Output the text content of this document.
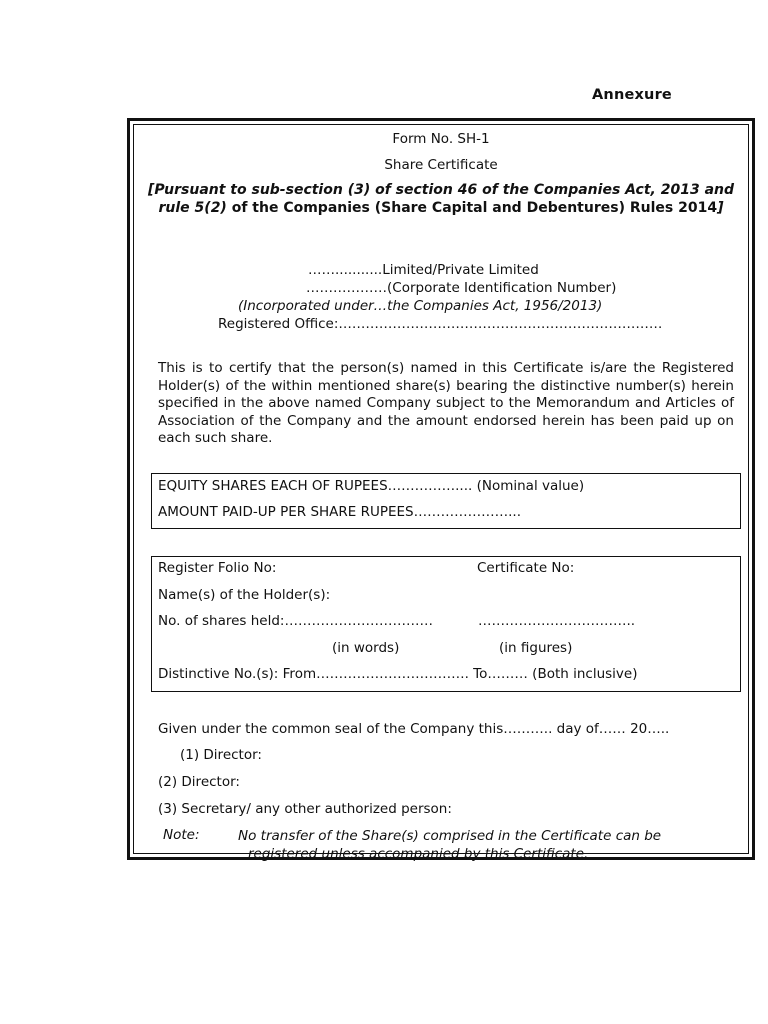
Annexure
Form No. SH-1
Share Certificate
[Pursuant to sub-section (3) of section 46 of the Companies Act, 2013 and rule 5(2) of the Companies (Share Capital and Debentures) Rules 2014]
……...........Limited/Private Limited
………………(Corporate Identification Number)
(Incorporated under…the Companies Act, 1956/2013)
Registered Office:………………………………………………………………
This is to certify that the person(s) named in this Certificate is/are the Registered Holder(s) of the within mentioned share(s) bearing the distinctive number(s) herein specified in the above named Company subject to the Memorandum and Articles of Association of the Company and the amount endorsed herein has been paid up on each such share.
EQUITY SHARES EACH OF RUPEES…………….... (Nominal value)
AMOUNT PAID-UP PER SHARE RUPEES…………………...
Register Folio No:	Certificate No:
Name(s) of the Holder(s):
No. of shares held:……………………………	……………………………..
(in words)	(in figures)
Distinctive No.(s): From……………………………. To……… (Both inclusive)
Given under the common seal of the Company this……….. day of…… 20…..
(1) Director:
(2) Director:
(3) Secretary/ any other authorized person:
Note:	No transfer of the Share(s) comprised in the Certificate can be
registered unless accompanied by this Certificate.
